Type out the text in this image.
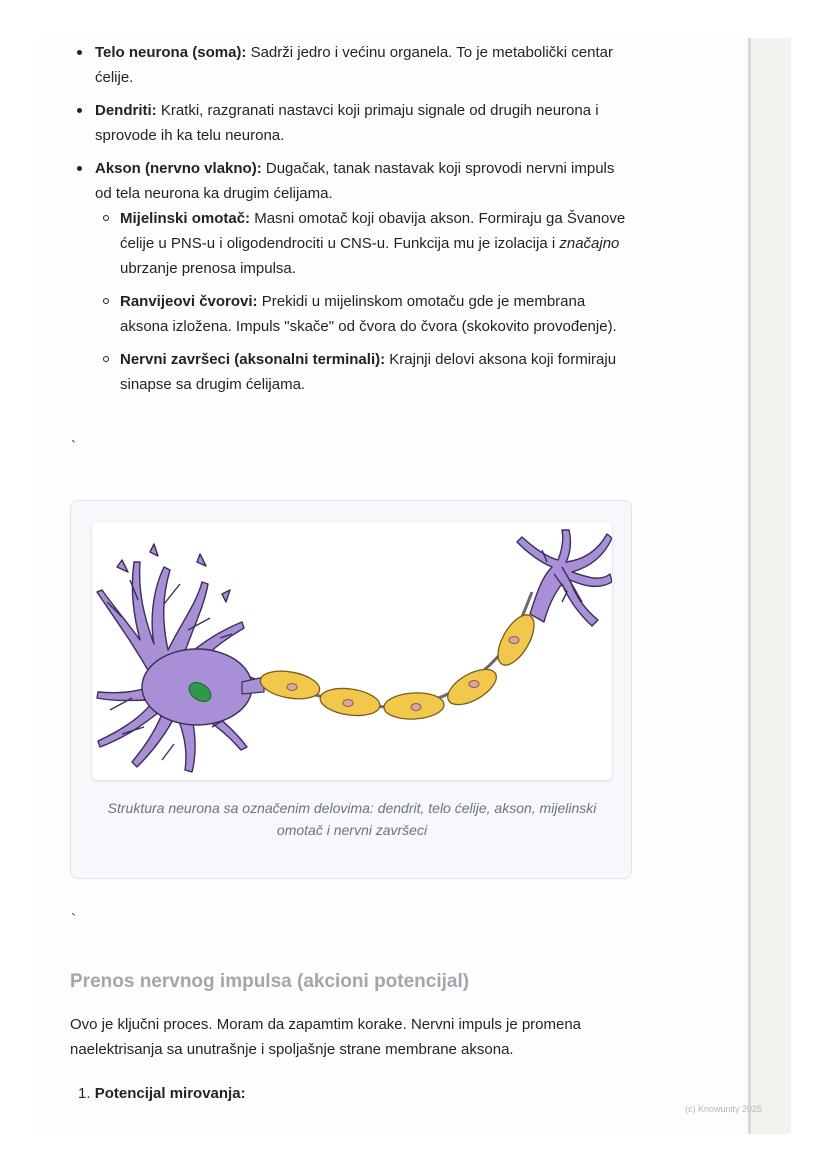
Telo neurona (soma): Sadrži jedro i većinu organela. To je metabolički centar ćelije.
Dendriti: Kratki, razgranati nastavci koji primaju signale od drugih neurona i sprovode ih ka telu neurona.
Akson (nervno vlakno): Dugačak, tanak nastavak koji sprovodi nervni impuls od tela neurona ka drugim ćelijama.
Mijelinski omotač: Masni omotač koji obavija akson. Formiraju ga Švanove ćelije u PNS-u i oligodendrociti u CNS-u. Funkcija mu je izolacija i značajno ubrzanje prenosa impulsa.
Ranvijeovi čvorovi: Prekidi u mijelinskom omotaču gde je membrana aksona izložena. Impuls "skače" od čvora do čvora (skokovito provođenje).
Nervni završeci (aksonalni terminali): Krajnji delovi aksona koji formiraju sinapse sa drugim ćelijama.
`
Struktura neurona sa označenim delovima: dendrit, telo ćelije, akson, mijelinski omotač i nervni završeci
`
Prenos nervnog impulsa (akcioni potencijal)
Ovo je ključni proces. Moram da zapamtim korake. Nervni impuls je promena naelektrisanja sa unutrašnje i spoljašnje strane membrane aksona.
1. Potencijal mirovanja:
(c) Knowunity 2025
